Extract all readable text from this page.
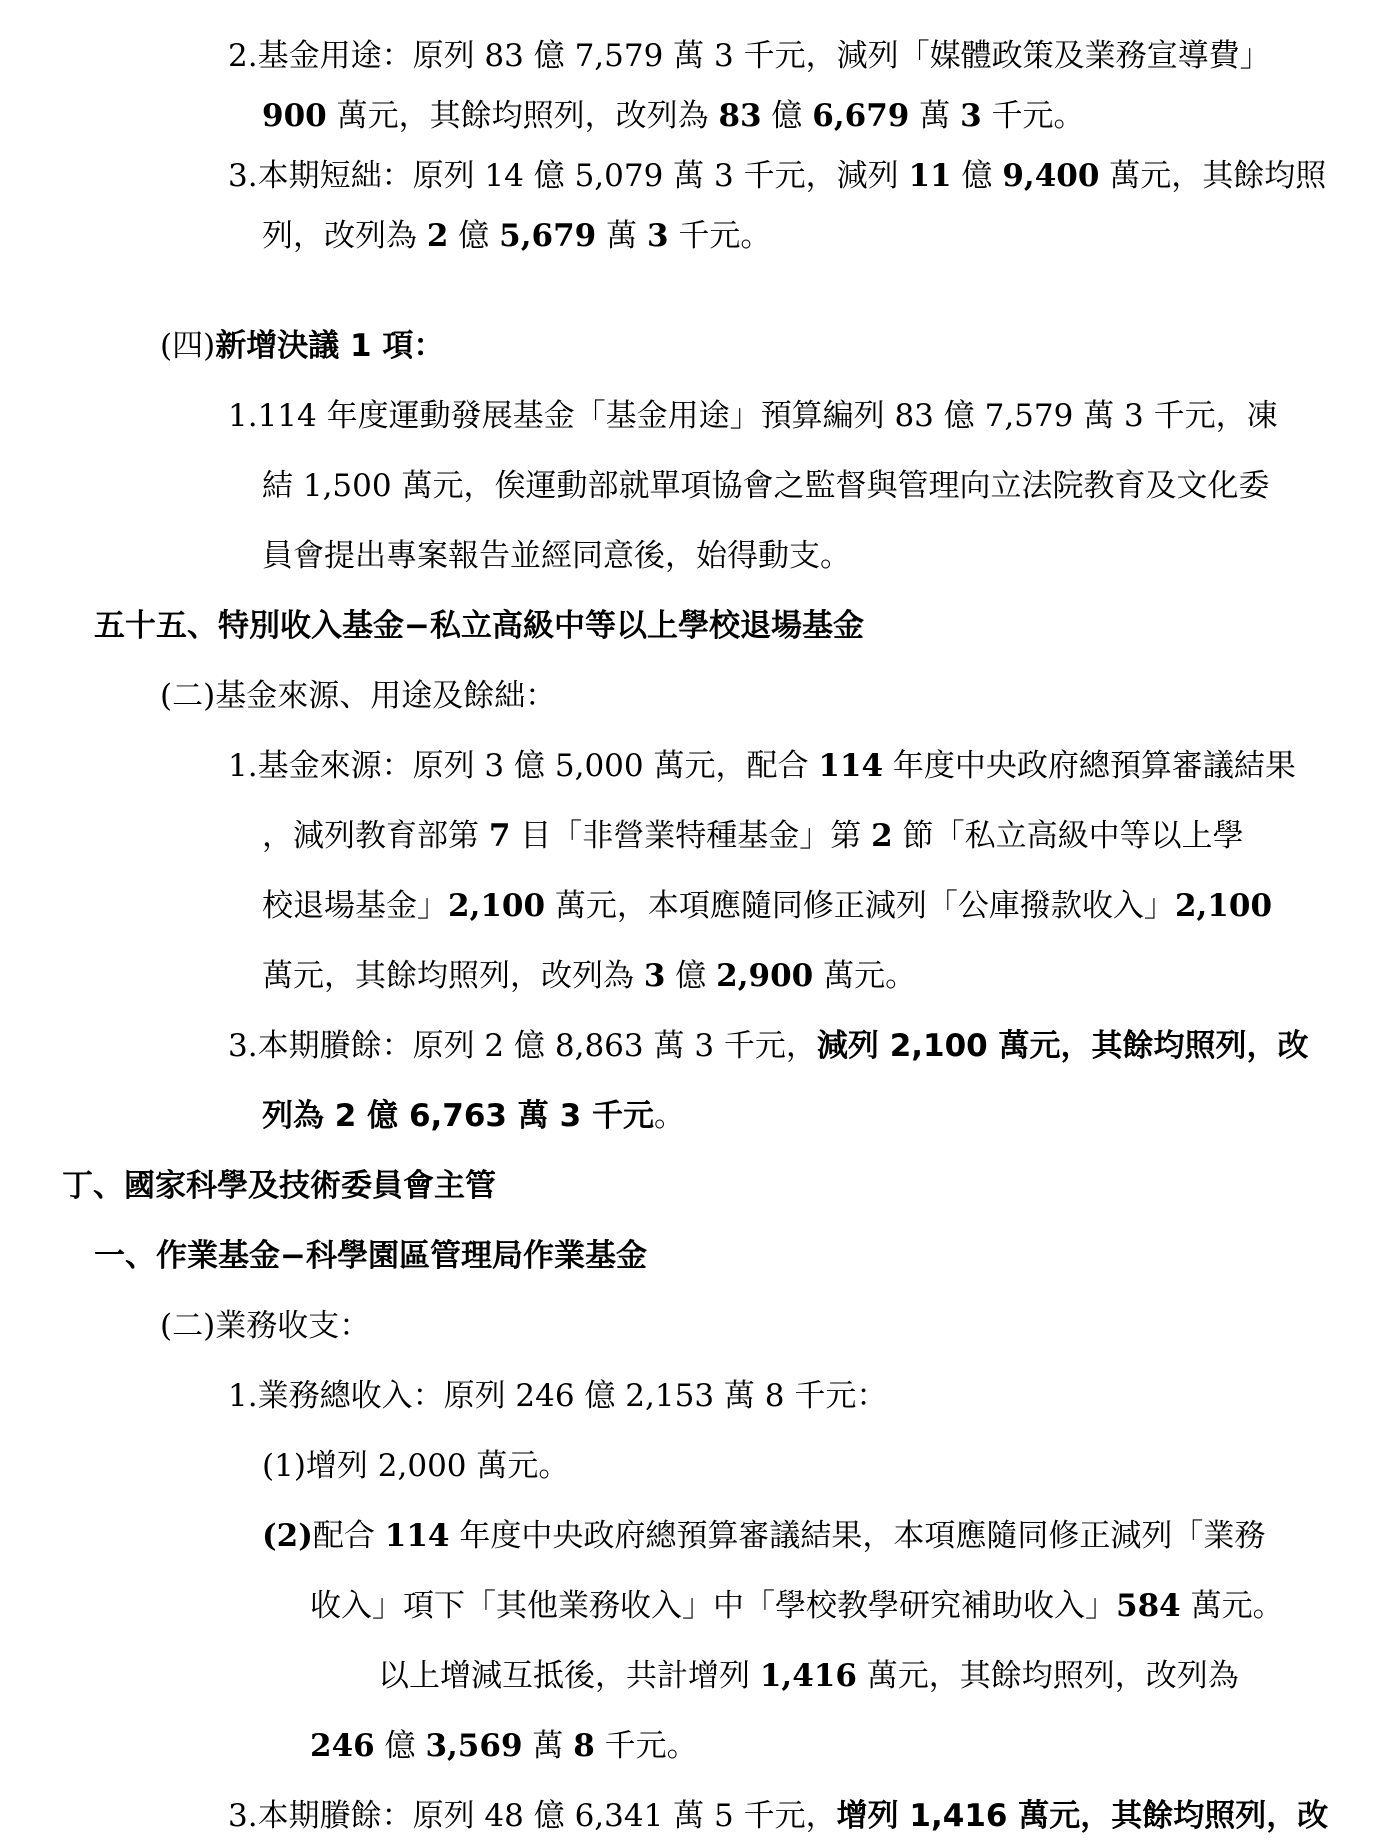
2.基金用途：原列 83 億 7,579 萬 3 千元，減列「媒體政策及業務宣導費」
900 萬元，其餘均照列，改列為 83 億 6,679 萬 3 千元。
3.本期短絀：原列 14 億 5,079 萬 3 千元，減列 11 億 9,400 萬元，其餘均照
列，改列為 2 億 5,679 萬 3 千元。
(四)新增決議 1 項：
1.114 年度運動發展基金「基金用途」預算編列 83 億 7,579 萬 3 千元，凍
結 1,500 萬元，俟運動部就單項協會之監督與管理向立法院教育及文化委
員會提出專案報告並經同意後，始得動支。
五十五、特別收入基金−私立高級中等以上學校退場基金
(二)基金來源、用途及餘絀：
1.基金來源：原列 3 億 5,000 萬元，配合 114 年度中央政府總預算審議結果
，減列教育部第 7 目「非營業特種基金」第 2 節「私立高級中等以上學
校退場基金」2,100 萬元，本項應隨同修正減列「公庫撥款收入」2,100
萬元，其餘均照列，改列為 3 億 2,900 萬元。
3.本期賸餘：原列 2 億 8,863 萬 3 千元，減列 2,100 萬元，其餘均照列，改
列為 2 億 6,763 萬 3 千元。
丁、國家科學及技術委員會主管
一、作業基金−科學園區管理局作業基金
(二)業務收支：
1.業務總收入：原列 246 億 2,153 萬 8 千元：
(1)增列 2,000 萬元。
(2)配合 114 年度中央政府總預算審議結果，本項應隨同修正減列「業務
收入」項下「其他業務收入」中「學校教學研究補助收入」584 萬元。
以上增減互抵後，共計增列 1,416 萬元，其餘均照列，改列為
246 億 3,569 萬 8 千元。
3.本期賸餘：原列 48 億 6,341 萬 5 千元，增列 1,416 萬元，其餘均照列，改
